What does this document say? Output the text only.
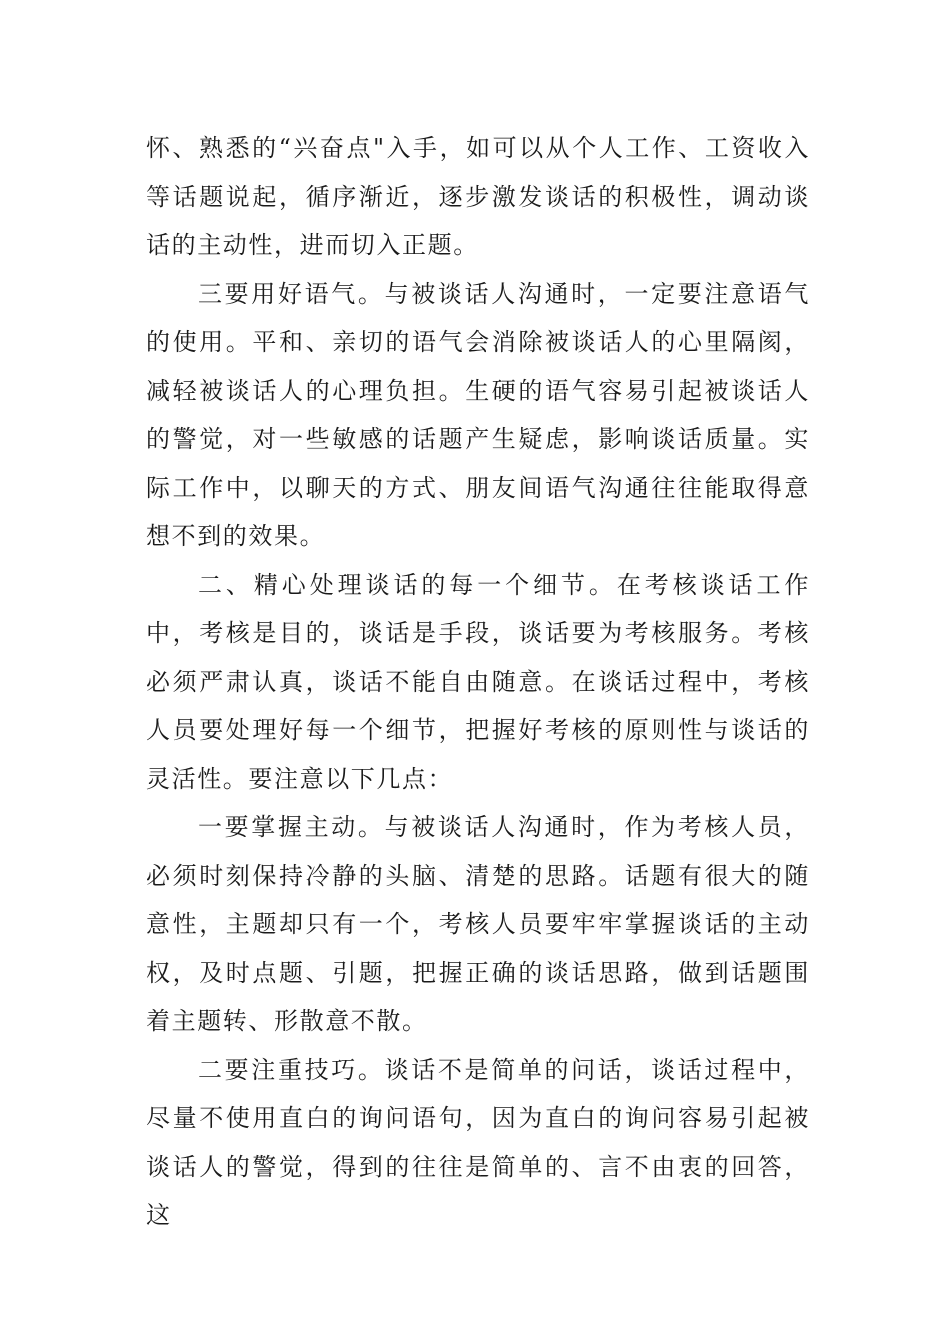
怀、熟悉的“兴奋点"入手，如可以从个人工作、工资收入等话题说起，循序渐近，逐步激发谈话的积极性，调动谈话的主动性，进而切入正题。

三要用好语气。与被谈话人沟通时，一定要注意语气的使用。平和、亲切的语气会消除被谈话人的心里隔阂，减轻被谈话人的心理负担。生硬的语气容易引起被谈话人的警觉，对一些敏感的话题产生疑虑，影响谈话质量。实际工作中，以聊天的方式、朋友间语气沟通往往能取得意想不到的效果。

二、精心处理谈话的每一个细节。在考核谈话工作中，考核是目的，谈话是手段，谈话要为考核服务。考核必须严肃认真，谈话不能自由随意。在谈话过程中，考核人员要处理好每一个细节，把握好考核的原则性与谈话的灵活性。要注意以下几点：

一要掌握主动。与被谈话人沟通时，作为考核人员，必须时刻保持冷静的头脑、清楚的思路。话题有很大的随意性，主题却只有一个，考核人员要牢牢掌握谈话的主动权，及时点题、引题，把握正确的谈话思路，做到话题围着主题转、形散意不散。

二要注重技巧。谈话不是简单的问话，谈话过程中，尽量不使用直白的询问语句，因为直白的询问容易引起被谈话人的警觉，得到的往往是简单的、言不由衷的回答，这
